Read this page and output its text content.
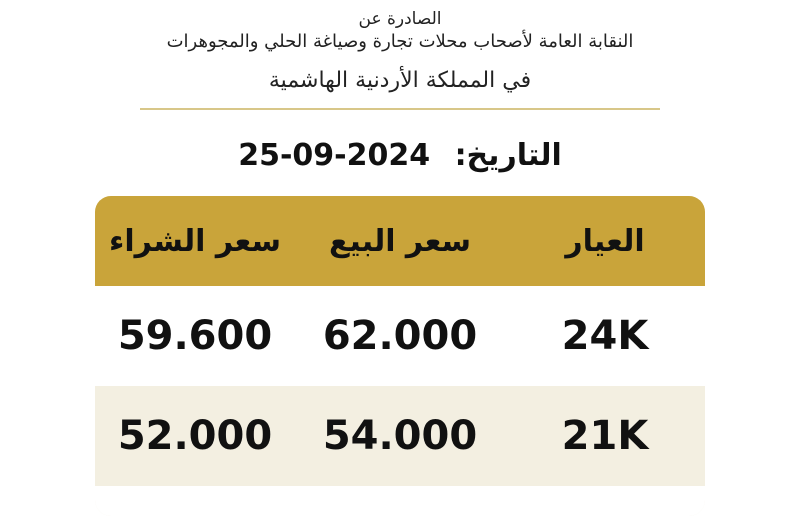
الصادرة عن
النقابة العامة لأصحاب محلات تجارة وصياغة الحلي والمجوهرات
في المملكة الأردنية الهاشمية
التاريخ: 25-09-2024
العيار
سعر البيع
سعر الشراء
24K
62.000
59.600
21K
54.000
52.000
